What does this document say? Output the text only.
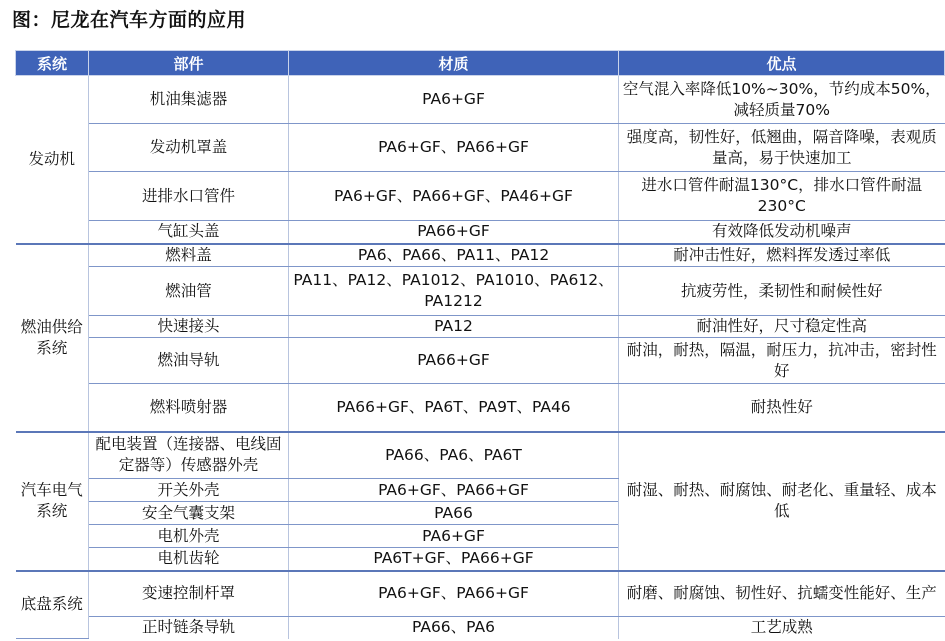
图：尼龙在汽车方面的应用
系统	部件	材质	优点
发动机	机油集滤器	PA6+GF	空气混入率降低10%~30%，节约成本50%，减轻质量70%
	发动机罩盖	PA6+GF、PA66+GF	强度高，韧性好，低翘曲，隔音降噪，表观质量高，易于快速加工
	进排水口管件	PA6+GF、PA66+GF、PA46+GF	进水口管件耐温130°C，排水口管件耐温230°C
	气缸头盖	PA66+GF	有效降低发动机噪声
燃油供给系统	燃料盖	PA6、PA66、PA11、PA12	耐冲击性好，燃料挥发透过率低
	燃油管	PA11、PA12、PA1012、PA1010、PA612、PA1212	抗疲劳性，柔韧性和耐候性好
	快速接头	PA12	耐油性好，尺寸稳定性高
	燃油导轨	PA66+GF	耐油，耐热，隔温，耐压力，抗冲击，密封性好
	燃料喷射器	PA66+GF、PA6T、PA9T、PA46	耐热性好
汽车电气系统	配电装置（连接器、电线固定器等）传感器外壳	PA66、PA6、PA6T	耐湿、耐热、耐腐蚀、耐老化、重量轻、成本低
	开关外壳	PA6+GF、PA66+GF	
	安全气囊支架	PA66	
	电机外壳	PA6+GF	
	电机齿轮	PA6T+GF、PA66+GF	
底盘系统	变速控制杆罩	PA6+GF、PA66+GF	耐磨、耐腐蚀、韧性好、抗蠕变性能好、生产
	正时链条导轨	PA66、PA6	工艺成熟
